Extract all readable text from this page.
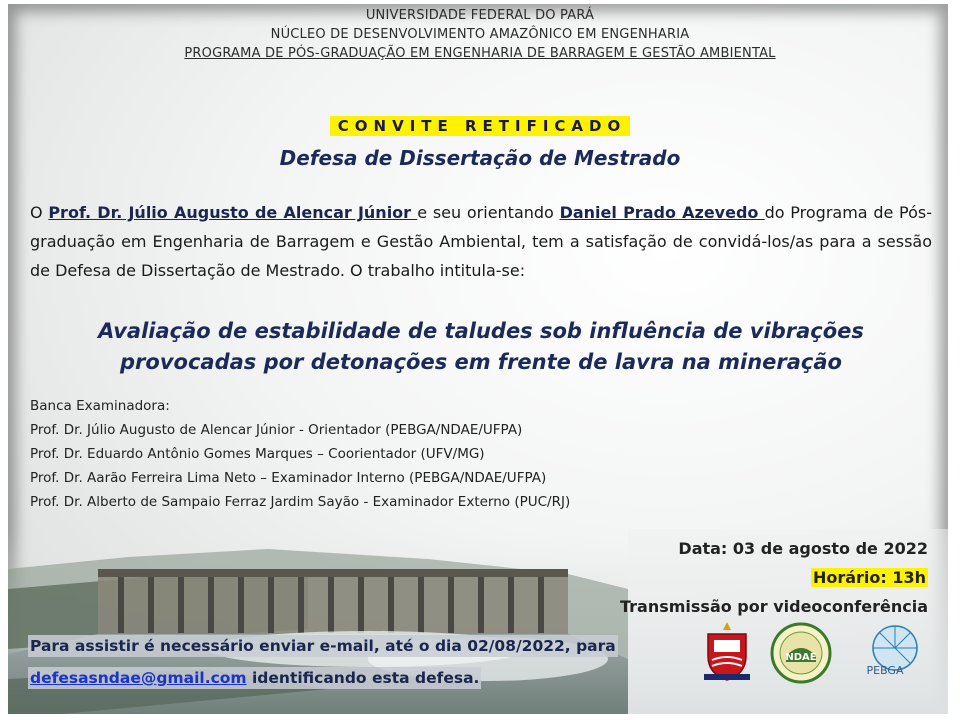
UNIVERSIDADE FEDERAL DO PARÁ
NÚCLEO DE DESENVOLVIMENTO AMAZÔNICO EM ENGENHARIA
PROGRAMA DE PÓS-GRADUAÇÃO EM ENGENHARIA DE BARRAGEM E GESTÃO AMBIENTAL
CONVITE RETIFICADO
Defesa de Dissertação de Mestrado
O Prof. Dr. Júlio Augusto de Alencar Júnior e seu orientando Daniel Prado Azevedo do Programa de Pós-graduação em Engenharia de Barragem e Gestão Ambiental, tem a satisfação de convidá-los/as para a sessão de Defesa de Dissertação de Mestrado. O trabalho intitula-se:
Avaliação de estabilidade de taludes sob influência de vibrações provocadas por detonações em frente de lavra na mineração
Banca Examinadora:
Prof. Dr. Júlio Augusto de Alencar Júnior - Orientador (PEBGA/NDAE/UFPA)
Prof. Dr. Eduardo Antônio Gomes Marques – Coorientador (UFV/MG)
Prof. Dr. Aarão Ferreira Lima Neto – Examinador Interno (PEBGA/NDAE/UFPA)
Prof. Dr. Alberto de Sampaio Ferraz Jardim Sayão - Examinador Externo (PUC/RJ)
Data: 03 de agosto de 2022
Horário: 13h
Transmissão por videoconferência
Para assistir é necessário enviar e-mail, até o dia 02/08/2022, para
defesasndae@gmail.com identificando esta defesa.
NDAE
PEBGA
